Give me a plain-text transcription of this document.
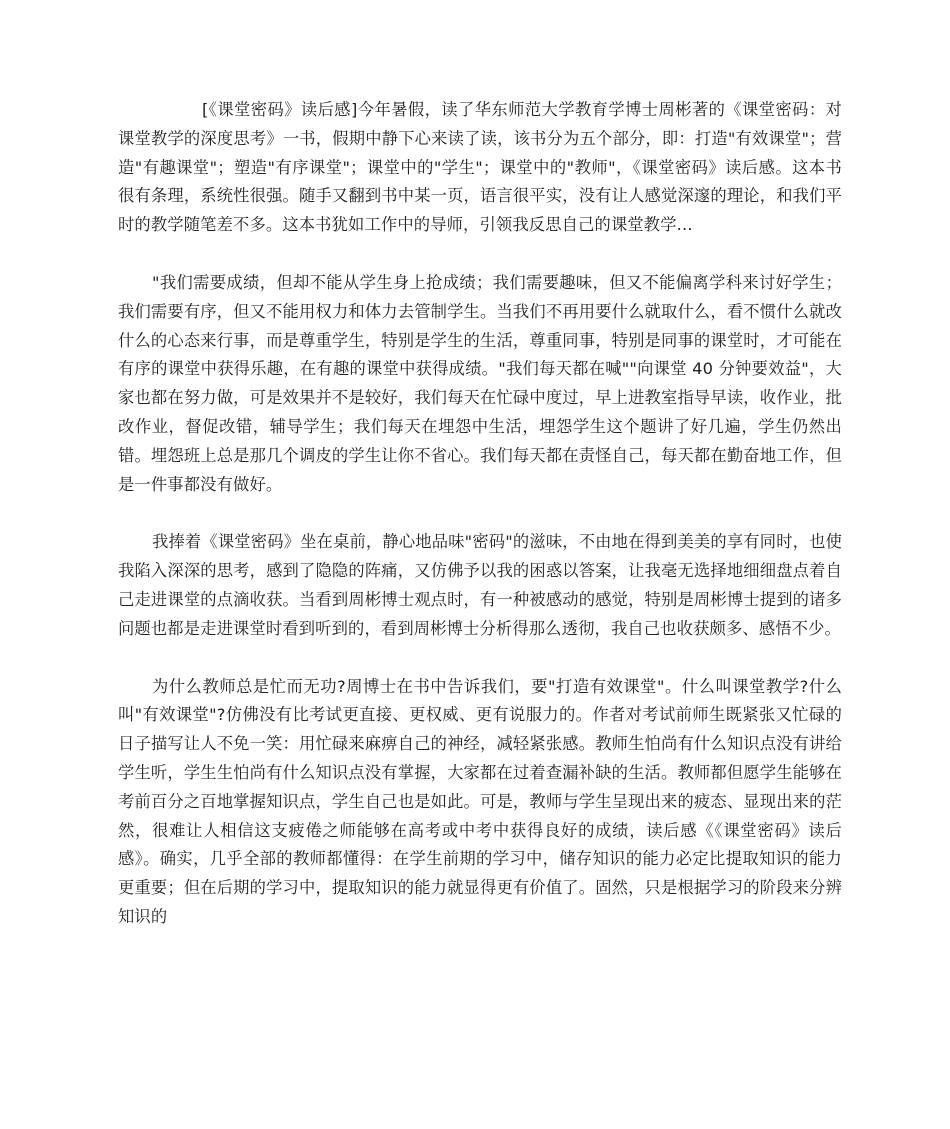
[《课堂密码》读后感]今年暑假，读了华东师范大学教育学博士周彬著的《课堂密码：对课堂教学的深度思考》一书，假期中静下心来读了读，该书分为五个部分，即：打造"有效课堂"；营造"有趣课堂"；塑造"有序课堂"；课堂中的"学生"；课堂中的"教师"，《课堂密码》读后感。这本书很有条理，系统性很强。随手又翻到书中某一页，语言很平实，没有让人感觉深邃的理论，和我们平时的教学随笔差不多。这本书犹如工作中的导师，引领我反思自己的课堂教学...

"我们需要成绩，但却不能从学生身上抢成绩；我们需要趣味，但又不能偏离学科来讨好学生；我们需要有序，但又不能用权力和体力去管制学生。当我们不再用要什么就取什么，看不惯什么就改什么的心态来行事，而是尊重学生，特别是学生的生活，尊重同事，特别是同事的课堂时，才可能在有序的课堂中获得乐趣，在有趣的课堂中获得成绩。"我们每天都在喊""向课堂 40 分钟要效益"，大家也都在努力做，可是效果并不是较好，我们每天在忙碌中度过，早上进教室指导早读，收作业，批改作业，督促改错，辅导学生；我们每天在埋怨中生活，埋怨学生这个题讲了好几遍，学生仍然出错。埋怨班上总是那几个调皮的学生让你不省心。我们每天都在责怪自己，每天都在勤奋地工作，但是一件事都没有做好。

我捧着《课堂密码》坐在桌前，静心地品味"密码"的滋味，不由地在得到美美的享有同时，也使我陷入深深的思考，感到了隐隐的阵痛，又仿佛予以我的困惑以答案，让我毫无选择地细细盘点着自己走进课堂的点滴收获。当看到周彬博士观点时，有一种被感动的感觉，特别是周彬博士提到的诸多问题也都是走进课堂时看到听到的，看到周彬博士分析得那么透彻，我自己也收获颇多、感悟不少。

为什么教师总是忙而无功?周博士在书中告诉我们，要"打造有效课堂"。什么叫课堂教学?什么叫"有效课堂"?仿佛没有比考试更直接、更权威、更有说服力的。作者对考试前师生既紧张又忙碌的日子描写让人不免一笑：用忙碌来麻痹自己的神经，减轻紧张感。教师生怕尚有什么知识点没有讲给学生听，学生生怕尚有什么知识点没有掌握，大家都在过着查漏补缺的生活。教师都但愿学生能够在考前百分之百地掌握知识点，学生自己也是如此。可是，教师与学生呈现出来的疲态、显现出来的茫然，很难让人相信这支疲倦之师能够在高考或中考中获得良好的成绩，读后感《《课堂密码》读后感》。确实，几乎全部的教师都懂得：在学生前期的学习中，储存知识的能力必定比提取知识的能力更重要；但在后期的学习中，提取知识的能力就显得更有价值了。固然，只是根据学习的阶段来分辨知识的
